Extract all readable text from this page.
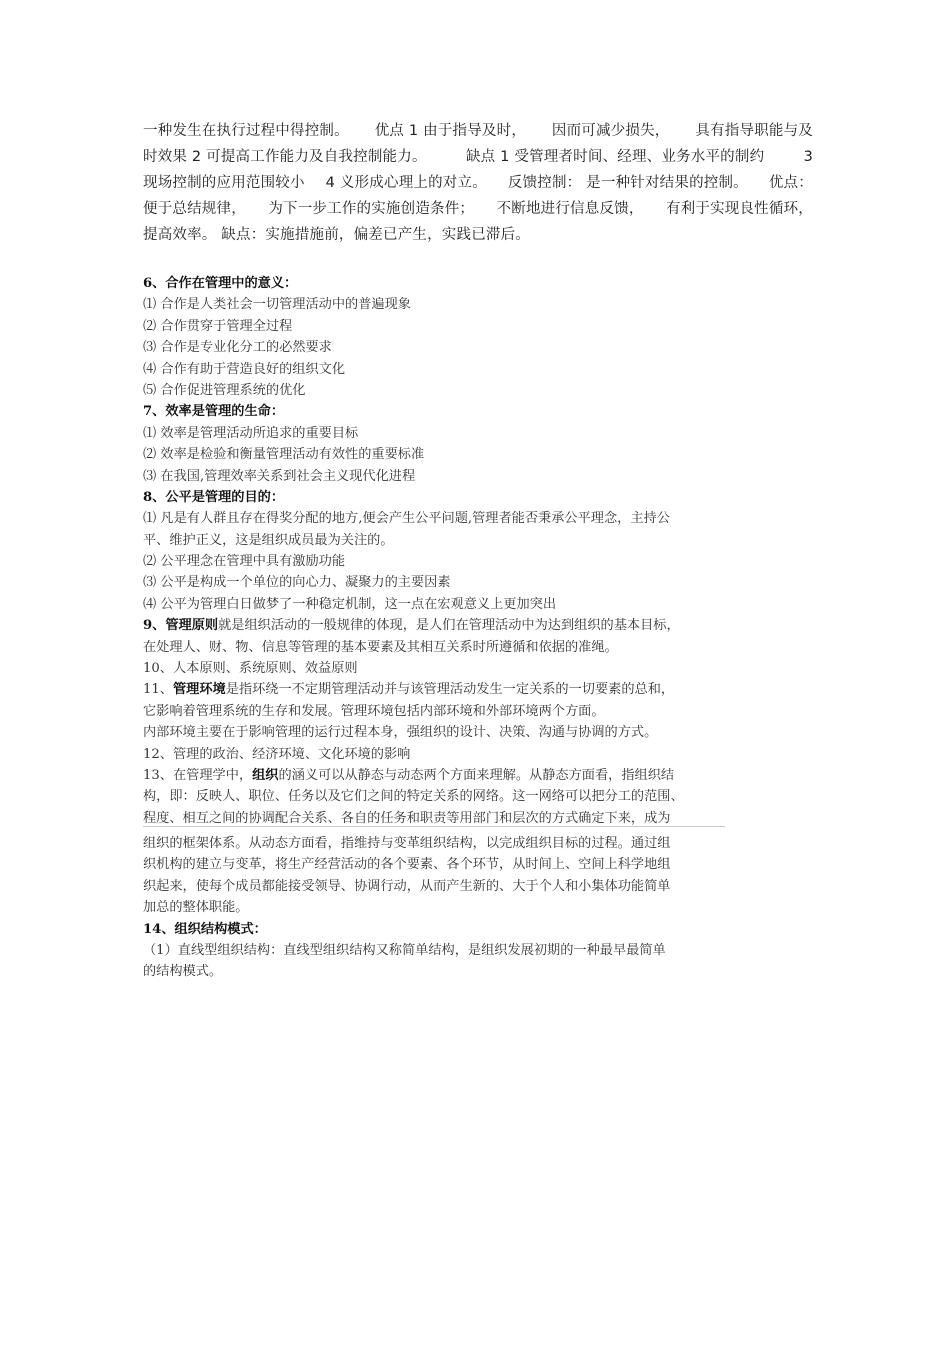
一种发生在执行过程中得控制。 优点 1 由于指导及时， 因而可减少损失， 具有指导职能与及
时效果 2 可提高工作能力及自我控制能力。	缺点 1 受管理者时间、经理、业务水平的制约	3
现场控制的应用范围较小 4 义形成心理上的对立。 反馈控制： 是一种针对结果的控制。 优点：
便于总结规律， 为下一步工作的实施创造条件； 不断地进行信息反馈， 有利于实现良性循环，
提高效率。 缺点：实施措施前，偏差已产生，实践已滞后。
6、合作在管理中的意义：
⑴ 合作是人类社会一切管理活动中的普遍现象
⑵ 合作贯穿于管理全过程
⑶ 合作是专业化分工的必然要求
⑷ 合作有助于营造良好的组织文化
⑸ 合作促进管理系统的优化
7、效率是管理的生命：
⑴ 效率是管理活动所追求的重要目标
⑵ 效率是检验和衡量管理活动有效性的重要标准
⑶ 在我国,管理效率关系到社会主义现代化进程
8、公平是管理的目的：
⑴ 凡是有人群且存在得奖分配的地方,便会产生公平问题,管理者能否秉承公平理念，主持公
平、维护正义，这是组织成员最为关注的。
⑵ 公平理念在管理中具有激励功能
⑶ 公平是构成一个单位的向心力、凝聚力的主要因素
⑷ 公平为管理白日做梦了一种稳定机制，这一点在宏观意义上更加突出
9、管理原则就是组织活动的一般规律的体现，是人们在管理活动中为达到组织的基本目标，
在处理人、财、物、信息等管理的基本要素及其相互关系时所遵循和依据的准绳。
10、人本原则、系统原则、效益原则
11、管理环境是指环绕一不定期管理活动并与该管理活动发生一定关系的一切要素的总和，
它影响着管理系统的生存和发展。管理环境包括内部环境和外部环境两个方面。
内部环境主要在于影响管理的运行过程本身，强组织的设计、决策、沟通与协调的方式。
12、管理的政治、经济环境、文化环境的影响
13、在管理学中，组织的涵义可以从静态与动态两个方面来理解。从静态方面看，指组织结
构，即：反映人、职位、任务以及它们之间的特定关系的网络。这一网络可以把分工的范围、
程度、相互之间的协调配合关系、各自的任务和职责等用部门和层次的方式确定下来，成为
组织的框架体系。从动态方面看，指维持与变革组织结构，以完成组织目标的过程。通过组
织机构的建立与变革，将生产经营活动的各个要素、各个环节，从时间上、空间上科学地组
织起来，使每个成员都能接受领导、协调行动，从而产生新的、大于个人和小集体功能简单
加总的整体职能。
14、组织结构模式：
（1）直线型组织结构：直线型组织结构又称简单结构，是组织发展初期的一种最早最简单
的结构模式。
